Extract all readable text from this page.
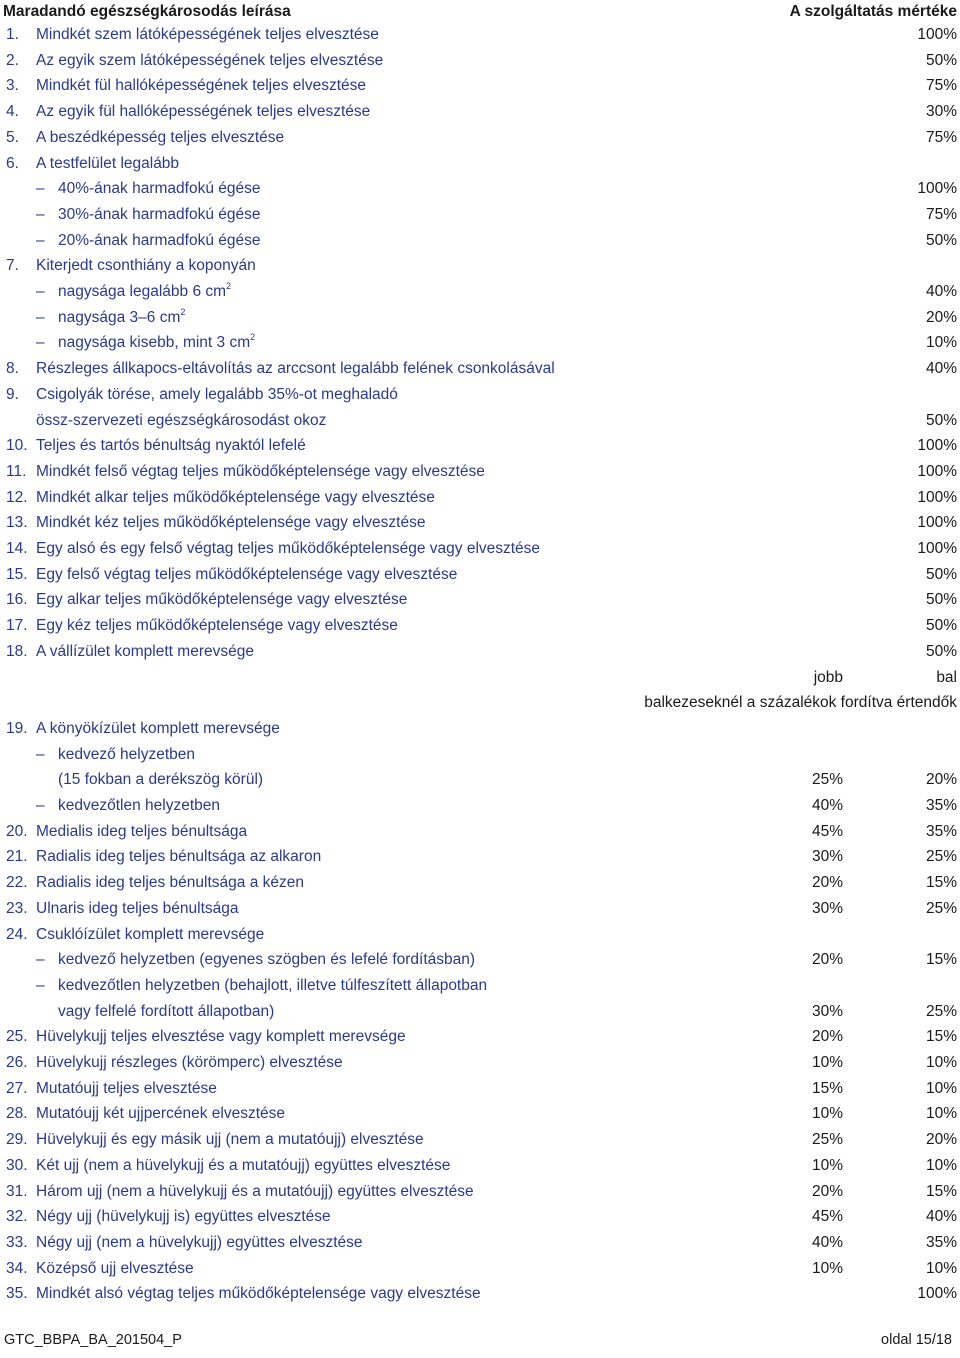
Maradandó egészségkárosodás leírása	A szolgáltatás mértéke
1. Mindkét szem látóképességének teljes elvesztése	100%
2. Az egyik szem látóképességének teljes elvesztése	50%
3. Mindkét fül hallóképességének teljes elvesztése	75%
4. Az egyik fül hallóképességének teljes elvesztése	30%
5. A beszédképesség teljes elvesztése	75%
6. A testfelület legalább
– 40%-ának harmadfokú égése	100%
– 30%-ának harmadfokú égése	75%
– 20%-ának harmadfokú égése	50%
7. Kiterjedt csonthiány a koponyán
– nagysága legalább 6 $cm^2$	40%
– nagysága 3–6 $cm^2$	20%
– nagysága kisebb, mint 3 $cm^2$	10%
8. Részleges állkapocs-eltávolítás az arccsont legalább felének csonkolásával	40%
9. Csigolyák törése, amely legalább 35%-ot meghaladó
össz-szervezeti egészségkárosodást okoz	50%
10. Teljes és tartós bénultság nyaktól lefelé	100%
11. Mindkét felső végtag teljes működőképtelensége vagy elvesztése	100%
12. Mindkét alkar teljes működőképtelensége vagy elvesztése	100%
13. Mindkét kéz teljes működőképtelensége vagy elvesztése	100%
14. Egy alsó és egy felső végtag teljes működőképtelensége vagy elvesztése	100%
15. Egy felső végtag teljes működőképtelensége vagy elvesztése	50%
16. Egy alkar teljes működőképtelensége vagy elvesztése	50%
17. Egy kéz teljes működőképtelensége vagy elvesztése	50%
18. A vállízület komplett merevsége	50%
jobb	bal
balkezeseknél a százalékok fordítva értendők
19. A könyökízület komplett merevsége
– kedvező helyzetben
(15 fokban a derékszög körül)	25%	20%
– kedvezőtlen helyzetben	40%	35%
20. Medialis ideg teljes bénultsága	45%	35%
21. Radialis ideg teljes bénultsága az alkaron	30%	25%
22. Radialis ideg teljes bénultsága a kézen	20%	15%
23. Ulnaris ideg teljes bénultsága	30%	25%
24. Csuklóízület komplett merevsége
– kedvező helyzetben (egyenes szögben és lefelé fordításban)	20%	15%
– kedvezőtlen helyzetben (behajlott, illetve túlfeszített állapotban
vagy felfelé fordított állapotban)	30%	25%
25. Hüvelykujj teljes elvesztése vagy komplett merevsége	20%	15%
26. Hüvelykujj részleges (körömperc) elvesztése	10%	10%
27. Mutatóujj teljes elvesztése	15%	10%
28. Mutatóujj két ujjpercének elvesztése	10%	10%
29. Hüvelykujj és egy másik ujj (nem a mutatóujj) elvesztése	25%	20%
30. Két ujj (nem a hüvelykujj és a mutatóujj) együttes elvesztése	10%	10%
31. Három ujj (nem a hüvelykujj és a mutatóujj) együttes elvesztése	20%	15%
32. Négy ujj (hüvelykujj is) együttes elvesztése	45%	40%
33. Négy ujj (nem a hüvelykujj) együttes elvesztése	40%	35%
34. Középső ujj elvesztése	10%	10%
35. Mindkét alsó végtag teljes működőképtelensége vagy elvesztése	100%
GTC_BBPA_BA_201504_P	oldal 15/18
